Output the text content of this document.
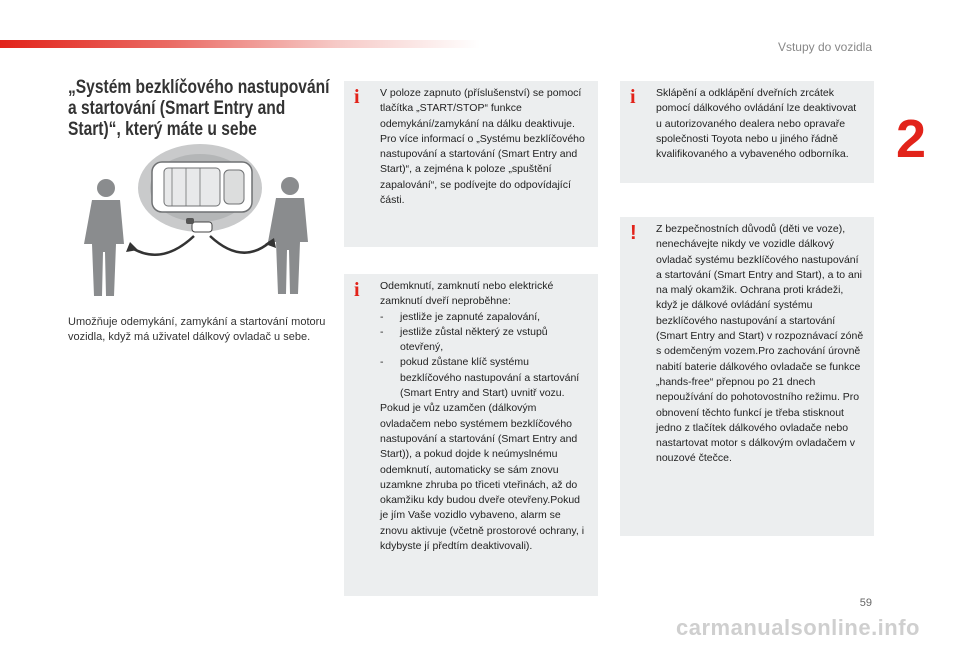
Vstupy do vozidla
2
„Systém bezklíčového nastupování a startování (Smart Entry and Start)“, který máte u sebe
Umožňuje odemykání, zamykání a startování motoru vozidla, když má uživatel dálkový ovladač u sebe.
i V poloze zapnuto (příslušenství) se pomocí tlačítka „START/STOP“ funkce odemykání/zamykání na dálku deaktivuje.

Pro více informací o „Systému bezklíčového nastupování a startování (Smart Entry and Start)“, a zejména k poloze „spuštění zapalování“, se podívejte do odpovídající části.

i Odemknutí, zamknutí nebo elektrické zamknutí dveří neproběhne:

- jestliže je zapnuté zapalování,
- jestliže zůstal některý ze vstupů otevřený,
- pokud zůstane klíč systému bezklíčového nastupování a startování (Smart Entry and Start) uvnitř vozu.

Pokud je vůz uzamčen (dálkovým ovladačem nebo systémem bezklíčového nastupování a startování (Smart Entry and Start)), a pokud dojde k neúmyslnému odemknutí, automaticky se sám znovu uzamkne zhruba po třiceti vteřinách, až do okamžiku kdy budou dveře otevřeny.Pokud je jím Vaše vozidlo vybaveno, alarm se znovu aktivuje (včetně prostorové ochrany, i kdybyste jí předtím deaktivovali).

i Sklápění a odklápění dveřních zrcátek pomocí dálkového ovládání lze deaktivovat u autorizovaného dealera nebo opravaře společnosti Toyota nebo u jiného řádně kvalifikovaného a vybaveného odborníka.

! Z bezpečnostních důvodů (děti ve voze), nenechávejte nikdy ve vozidle dálkový ovladač systému bezklíčového nastupování a startování (Smart Entry and Start), a to ani na malý okamžik. Ochrana proti krádeži, když je dálkové ovládání systému bezklíčového nastupování a startování (Smart Entry and Start) v rozpoznávací zóně s odemčeným vozem.Pro zachování úrovně nabití baterie dálkového ovladače se funkce „hands-free“ přepnou po 21 dnech nepoužívání do pohotovostního režimu. Pro obnovení těchto funkcí je třeba stisknout jedno z tlačítek dálkového ovladače nebo nastartovat motor s dálkovým ovladačem v nouzové čtečce.

59
carmanualsonline.info
